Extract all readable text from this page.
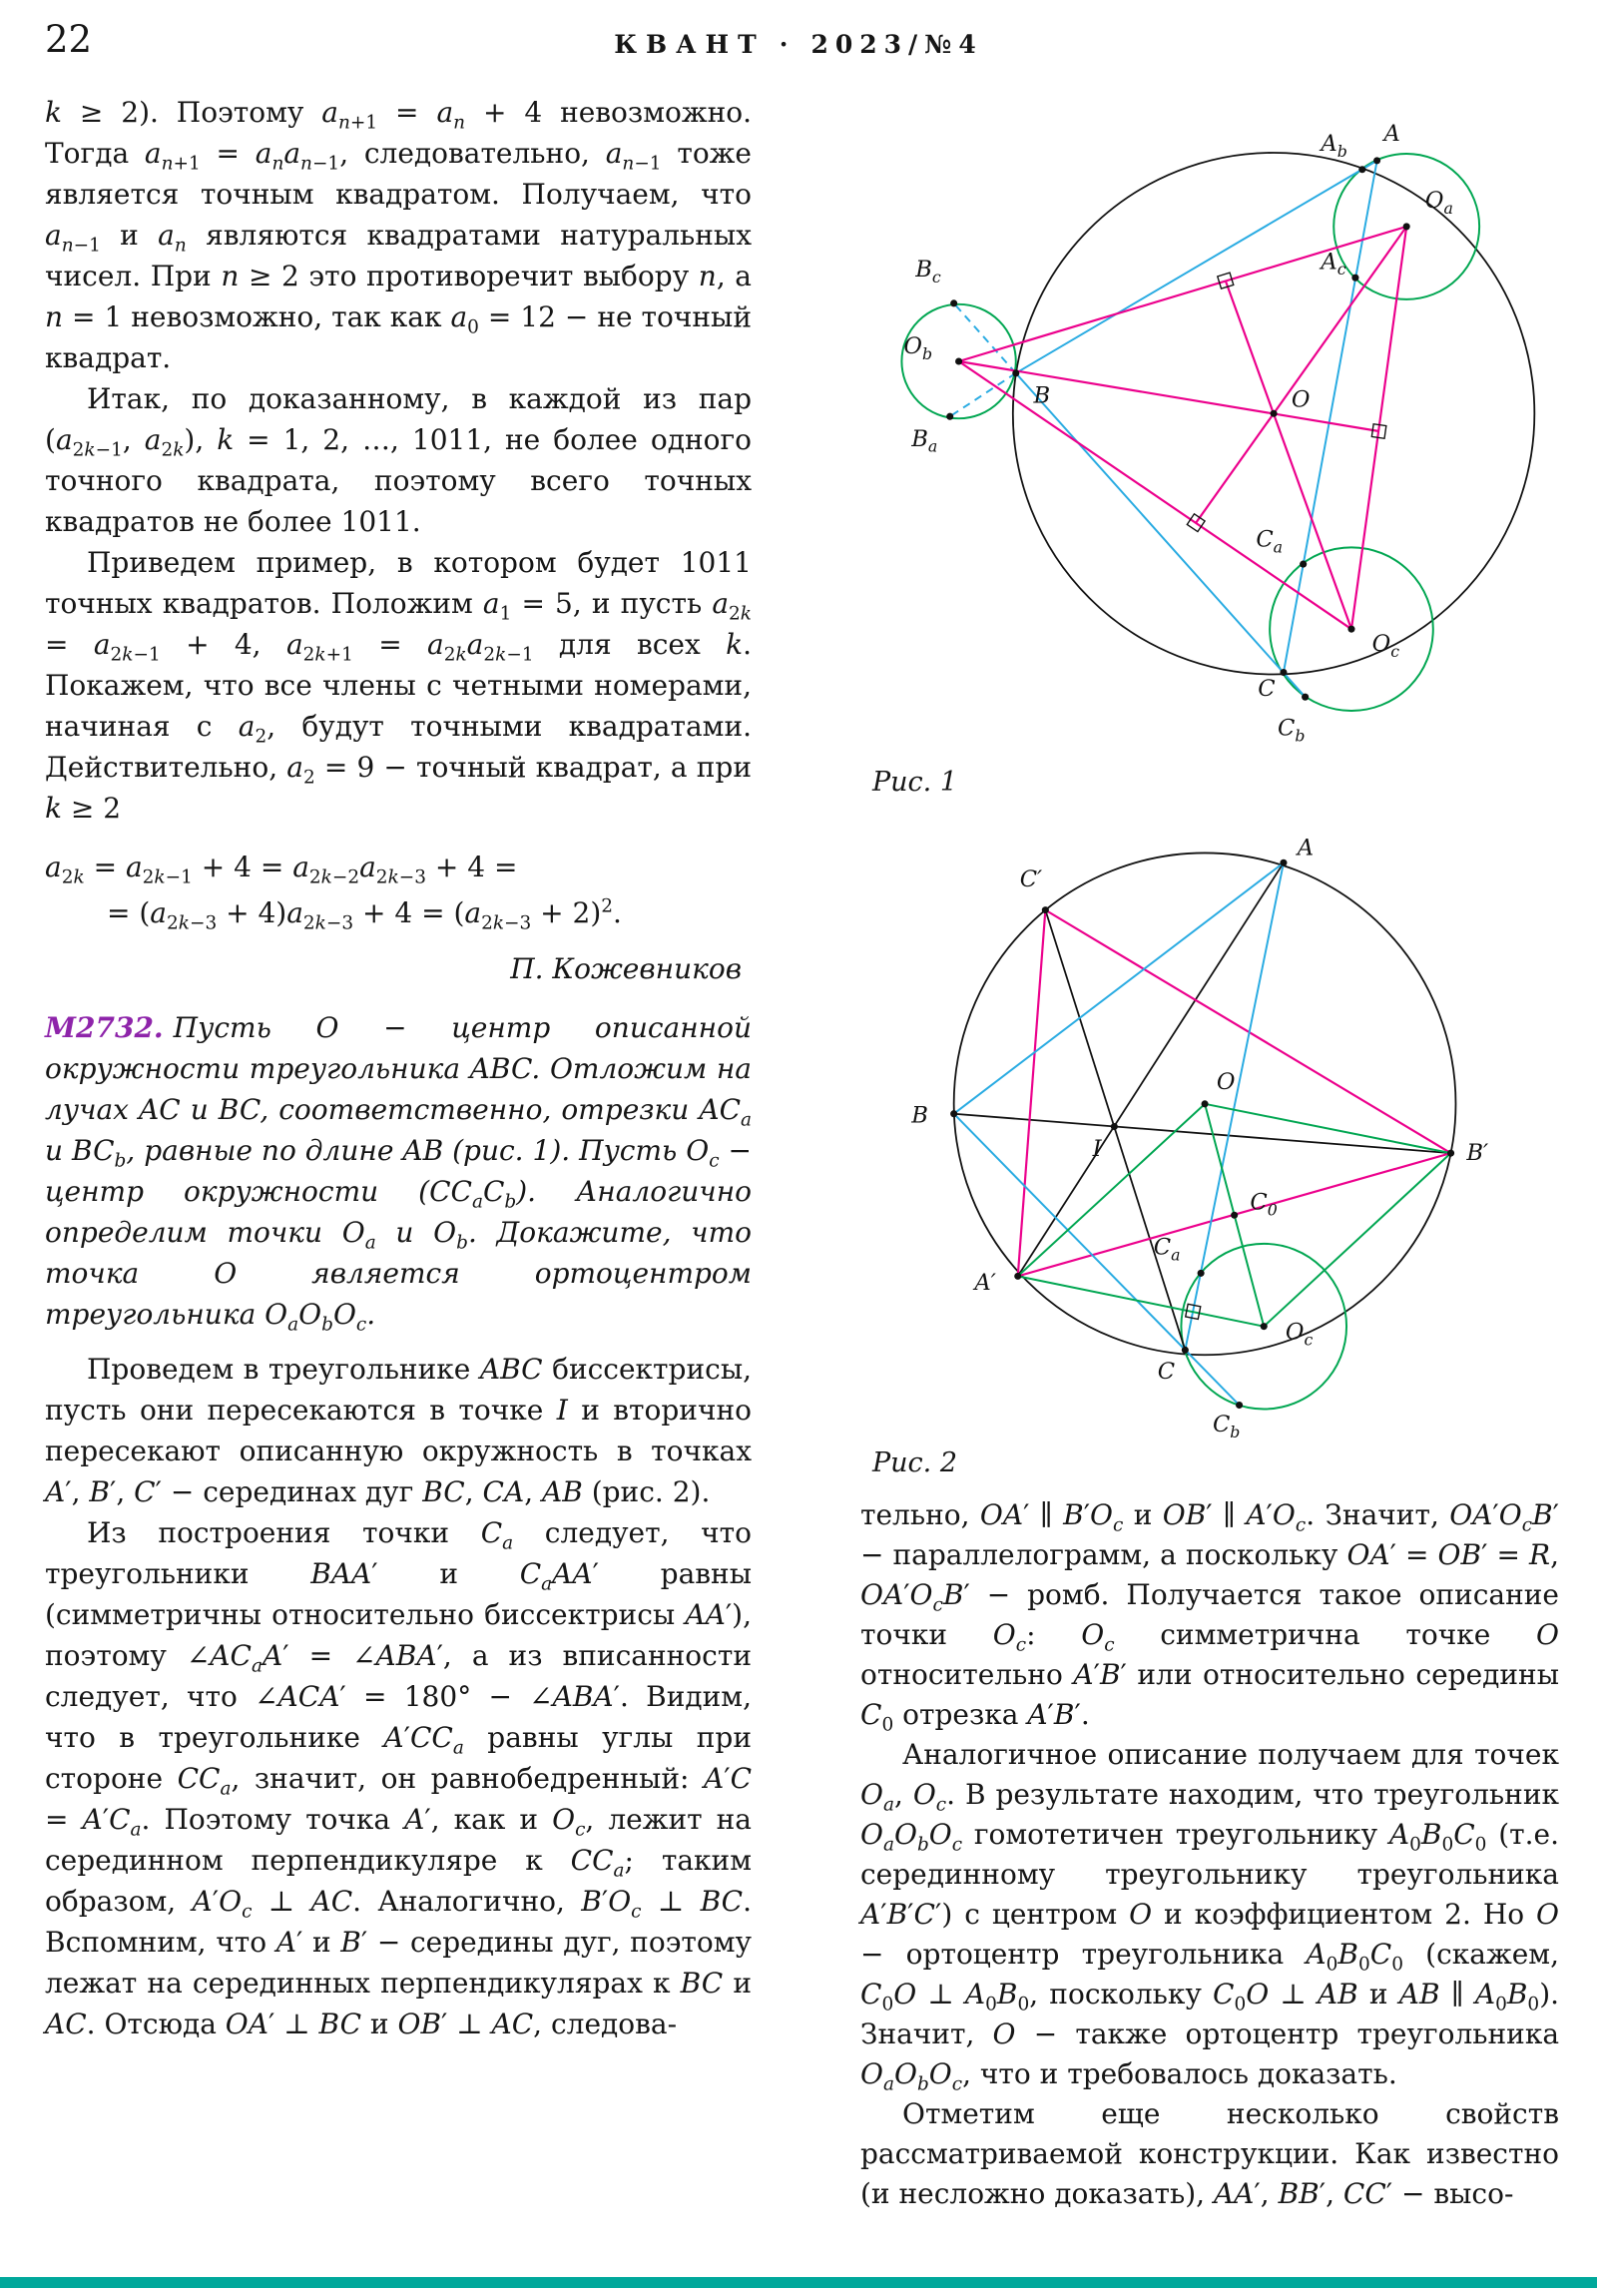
22	КВАНТ · 2023/№4

k ≥ 2). Поэтому $a_{n+1} = a_n + 4$ невозможно. Тогда $a_{n+1} = a_na_{n-1}$, следовательно, $a_{n-1}$ тоже является точным квадратом. Получаем, что $a_{n-1}$ и $a_n$ являются квадратами натуральных чисел. При n ≥ 2 это противоречит выбору n, а n = 1 невозможно, так как $a_0 = 12$ − не точный квадрат.

Итак, по доказанному, в каждой из пар ($a_{2k-1}$, $a_{2k}$), k = 1, 2, …, 1011, не более одного точного квадрата, поэтому всего точных квадратов не более 1011.

Приведем пример, в котором будет 1011 точных квадратов. Положим $a_1 = 5$, и пусть $a_{2k} = a_{2k-1} + 4$, $a_{2k+1} = a_{2k}a_{2k-1}$ для всех k. Покажем, что все члены с четными номерами, начиная с $a_2$, будут точными квадратами. Действительно, $a_2 = 9$ − точный квадрат, а при k ≥ 2

$a_{2k} = a_{2k-1} + 4 = a_{2k-2}a_{2k-3} + 4$ =
= $(a_{2k-3} + 4)a_{2k-3} + 4 = (a_{2k-3} + 2)^2$.
П. Кожевников

М2732. Пусть O − центр описанной окружности треугольника ABC. Отложим на лучах AC и BC, соответственно, отрезки $AC_a$ и $BC_b$, равные по длине AB (рис. 1). Пусть $O_c$ − центр окружности $(CC_aC_b)$. Аналогично определим точки $O_a$ и $O_b$. Докажите, что точка O является ортоцентром треугольника $O_aO_bO_c$.

Проведем в треугольнике ABC биссектрисы, пусть они пересекаются в точке I и вторично пересекают описанную окружность в точках A′, B′, C′ − серединах дуг BC, CA, AB (рис. 2).

Из построения точки $C_a$ следует, что треугольники BAA′ и $C_aAA'$ равны (симметричны относительно биссектрисы AA′), поэтому $\angle AC_aA'$ = ∠ABA′, а из вписанности следует, что ∠ACA′ = 180° − ∠ABA′. Видим, что в треугольнике $A'CC_a$ равны углы при стороне $CC_a$, значит, он равнобедренный: $A'C = A'C_a$. Поэтому точка A′, как и $O_c$, лежит на серединном перпендикуляре к $CC_a$; таким образом, $A'O_c$ ⊥ AC. Аналогично, $B'O_c$ ⊥ BC. Вспомним, что A′ и B′ − середины дуг, поэтому лежат на серединных перпендикулярах к BC и AC. Отсюда OA′ ⊥ BC и OB′ ⊥ AC, следова-

A
$A_b$
$O_a$
$A_c$
$B_c$
$O_b$
B
$B_a$
O
$C_a$
$O_c$
C
$C_b$
Рис. 1
A
C′
B
A′
C
$C_b$
B′
O
I
$C_0$
$C_a$
$O_c$
Рис. 2

тельно, OA′ ∥ $B'O_c$ и OB′ ∥ $A'O_c$. Значит, $OA'O_cB'$ − параллелограмм, а поскольку OA′ = OB′ = R, $OA'O_cB'$ − ромб. Получается такое описание точки $O_c$: $O_c$ симметрична точке O относительно A′B′ или относительно середины $C_0$ отрезка A′B′.

Аналогичное описание получаем для точек $O_a$, $O_c$. В результате находим, что треугольник $O_aO_bO_c$ гомотетичен треугольнику $A_0B_0C_0$ (т.е. серединному треугольнику треугольника A′B′C′) с центром O и коэффициентом 2. Но O − ортоцентр треугольника $A_0B_0C_0$ (скажем, $C_0O$ ⊥ $A_0B_0$, поскольку $C_0O$ ⊥ AB и AB ∥ $A_0B_0$). Значит, O − также ортоцентр треугольника $O_aO_bO_c$, что и требовалось доказать.

Отметим еще несколько свойств рассматриваемой конструкции. Как известно (и несложно доказать), AA′, BB′, CC′ − высо-
